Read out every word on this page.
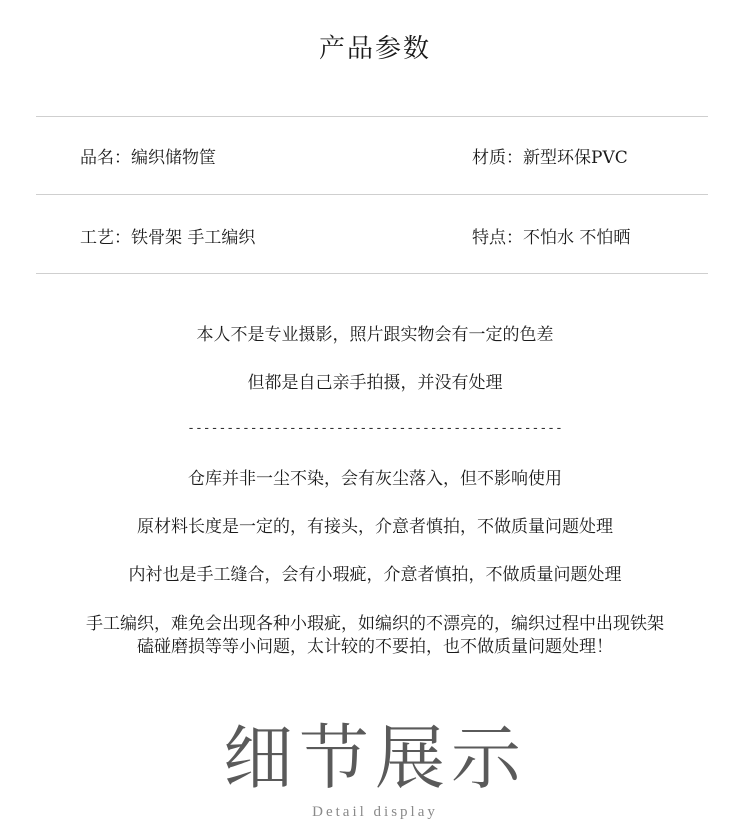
产品参数
品名：编织储物筐	材质：新型环保PVC
工艺：铁骨架 手工编织	特点：不怕水 不怕晒
本人不是专业摄影，照片跟实物会有一定的色差
但都是自己亲手拍摄，并没有处理
------------------------------------------------
仓库并非一尘不染，会有灰尘落入，但不影响使用
原材料长度是一定的，有接头，介意者慎拍，不做质量问题处理
内衬也是手工缝合，会有小瑕疵，介意者慎拍，不做质量问题处理
手工编织，难免会出现各种小瑕疵，如编织的不漂亮的，编织过程中出现铁架
磕碰磨损等等小问题，太计较的不要拍，也不做质量问题处理！
细节展示
Detail display
